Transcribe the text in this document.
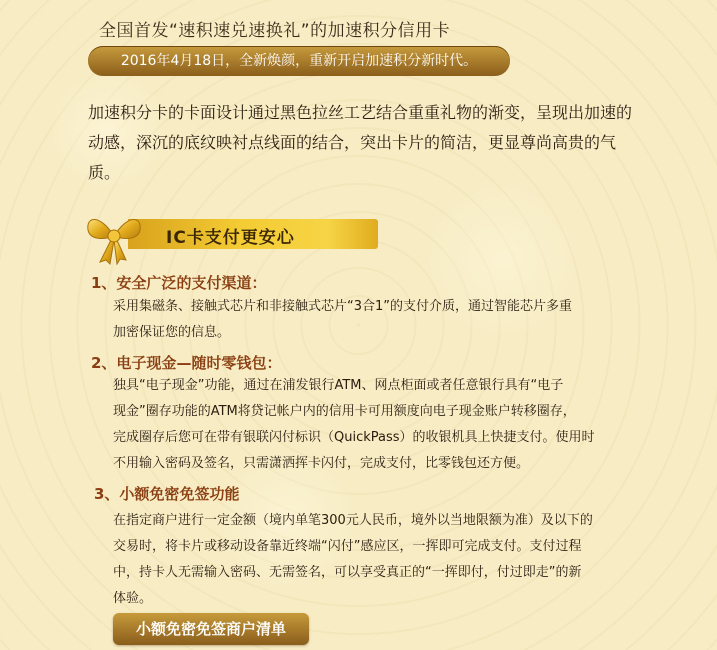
全国首发“速积速兑速换礼”的加速积分信用卡
2016年4月18日，全新焕颜，重新开启加速积分新时代。
加速积分卡的卡面设计通过黑色拉丝工艺结合重重礼物的渐变，呈现出加速的动感，深沉的底纹映衬点线面的结合，突出卡片的简洁，更显尊尚高贵的气质。
IC卡支付更安心
1、安全广泛的支付渠道：
采用集磁条、接触式芯片和非接触式芯片“3合1”的支付介质，通过智能芯片多重
加密保证您的信息。
2、电子现金—随时零钱包：
独具“电子现金”功能，通过在浦发银行ATM、网点柜面或者任意银行具有“电子
现金”圈存功能的ATM将贷记帐户内的信用卡可用额度向电子现金账户转移圈存，
完成圈存后您可在带有银联闪付标识（QuickPass）的收银机具上快捷支付。使用时
不用输入密码及签名，只需潇洒挥卡闪付，完成支付，比零钱包还方便。
3、小额免密免签功能
在指定商户进行一定金额（境内单笔300元人民币，境外以当地限额为准）及以下的
交易时，将卡片或移动设备靠近终端“闪付”感应区，一挥即可完成支付。支付过程
中，持卡人无需输入密码、无需签名，可以享受真正的“一挥即付，付过即走”的新
体验。
小额免密免签商户清单
